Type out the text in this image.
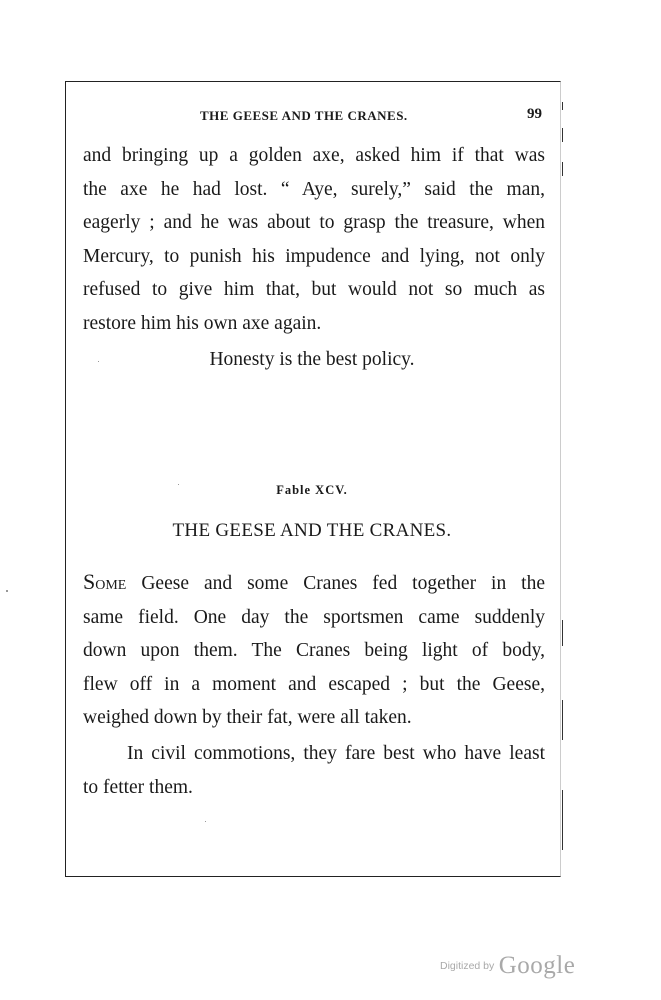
THE GEESE AND THE CRANES.	99
and bringing up a golden axe, asked him if that was
the axe he had lost. “ Aye, surely,” said the man,
eagerly ; and he was about to grasp the treasure, when
Mercury, to punish his impudence and lying, not only
refused to give him that, but would not so much as
restore him his own axe again.
Honesty is the best policy.
Fable XCV.
THE GEESE AND THE CRANES.
Some Geese and some Cranes fed together in the
same field. One day the sportsmen came suddenly
down upon them. The Cranes being light of body,
flew off in a moment and escaped ; but the Geese,
weighed down by their fat, were all taken.
In civil commotions, they fare best who have least
to fetter them.
$^{Digitized by}$ Google
